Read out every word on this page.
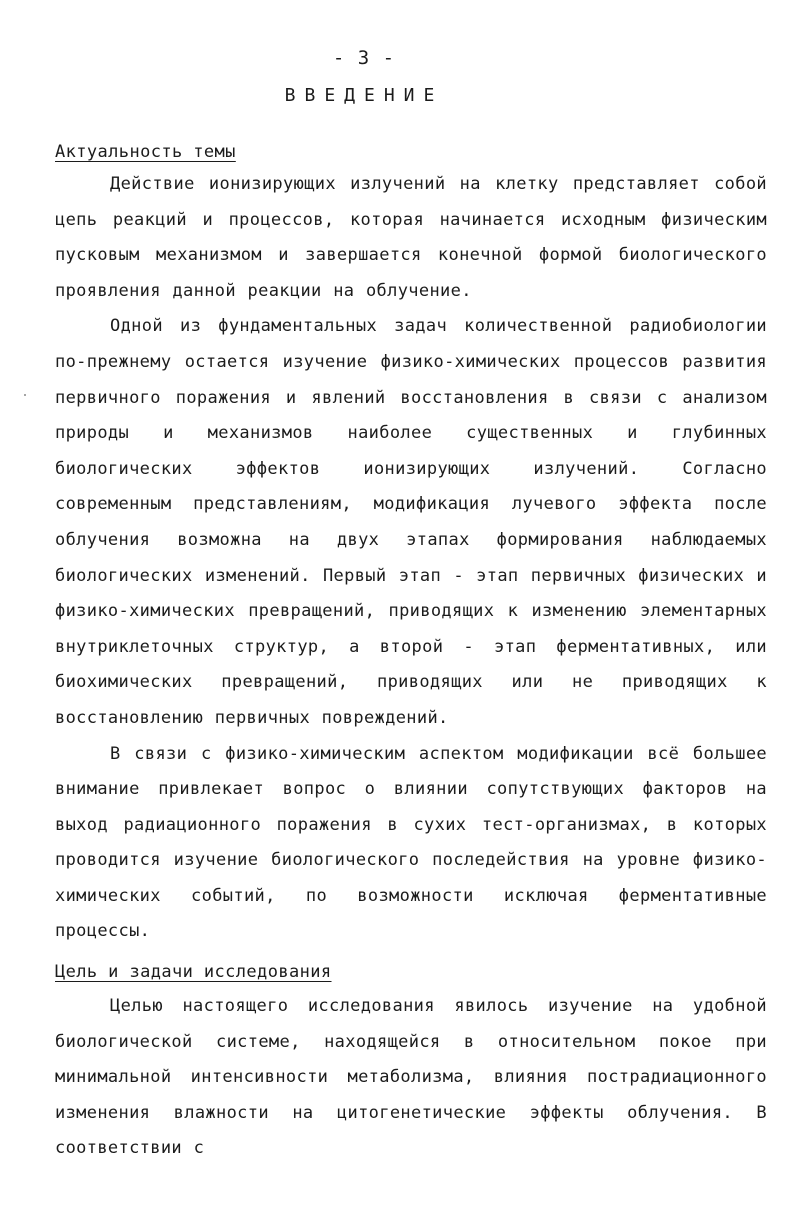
- 3 -
ВВЕДЕНИЕ
Актуальность темы

Действие ионизирующих излучений на клетку представляет собой цепь реакций и процессов, которая начинается исходным физическим пусковым механизмом и завершается конечной формой биологического проявления данной реакции на облучение.

Одной из фундаментальных задач количественной радиобиологии по-прежнему остается изучение физико-химических процессов развития первичного поражения и явлений восстановления в связи с анализом природы и механизмов наиболее существенных и глубинных биологических эффектов ионизирующих излучений. Согласно современным представлениям, модификация лучевого эффекта после облучения возможна на двух этапах формирования наблюдаемых биологических изменений. Первый этап - этап первичных физических и физико-химических превращений, приводящих к изменению элементарных внутриклеточных структур, а второй - этап ферментативных, или биохимических превращений, приводящих или не приводящих к восстановлению первичных повреждений.

В связи с физико-химическим аспектом модификации всё большее внимание привлекает вопрос о влиянии сопутствующих факторов на выход радиационного поражения в сухих тест-организмах, в которых проводится изучение биологического последействия на уровне физико-химических событий, по возможности исключая ферментативные процессы.

Цель и задачи исследования

Целью настоящего исследования явилось изучение на удобной биологической системе, находящейся в относительном покое при минимальной интенсивности метаболизма, влияния пострадиационного изменения влажности на цитогенетические эффекты облучения. В соответствии с
